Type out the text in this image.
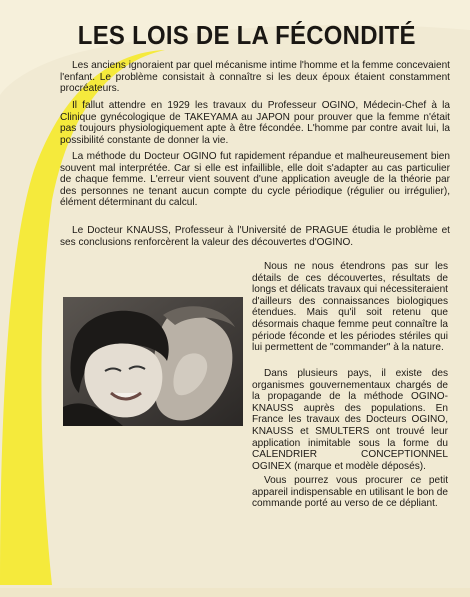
LES LOIS DE LA FÉCONDITÉ

Les anciens ignoraient par quel mécanisme intime l'homme et la femme concevaient l'enfant. Le problème consistait à connaître si les deux époux étaient constamment procréateurs.

Il fallut attendre en 1929 les travaux du Professeur OGINO, Médecin-Chef à la Clinique gynécologique de TAKEYAMA au JAPON pour prouver que la femme n'était pas toujours physiologiquement apte à être fécondée. L'homme par contre avait lui, la possibilité constante de donner la vie.

La méthode du Docteur OGINO fut rapidement répandue et malheureusement bien souvent mal interprétée. Car si elle est infaillible, elle doit s'adapter au cas particulier de chaque femme. L'erreur vient souvent d'une application aveugle de la théorie par des personnes ne tenant aucun compte du cycle périodique (régulier ou irrégulier), élément déterminant du calcul.

Le Docteur KNAUSS, Professeur à l'Université de PRAGUE étudia le problème et ses conclusions renforcèrent la valeur des découvertes d'OGINO.

Nous ne nous étendrons pas sur les détails de ces découvertes, résultats de longs et délicats travaux qui nécessiteraient d'ailleurs des connaissances biologiques étendues. Mais qu'il soit retenu que désormais chaque femme peut connaître la période féconde et les périodes stériles qui lui permettent de "commander" à la nature.

Dans plusieurs pays, il existe des organismes gouvernementaux chargés de la propagande de la méthode OGINO-KNAUSS auprès des populations. En France les travaux des Docteurs OGINO, KNAUSS et SMULTERS ont trouvé leur application inimitable sous la forme du CALENDRIER CONCEPTIONNEL OGINEX (marque et modèle déposés).

Vous pourrez vous procurer ce petit appareil indispensable en utilisant le bon de commande porté au verso de ce dépliant.
